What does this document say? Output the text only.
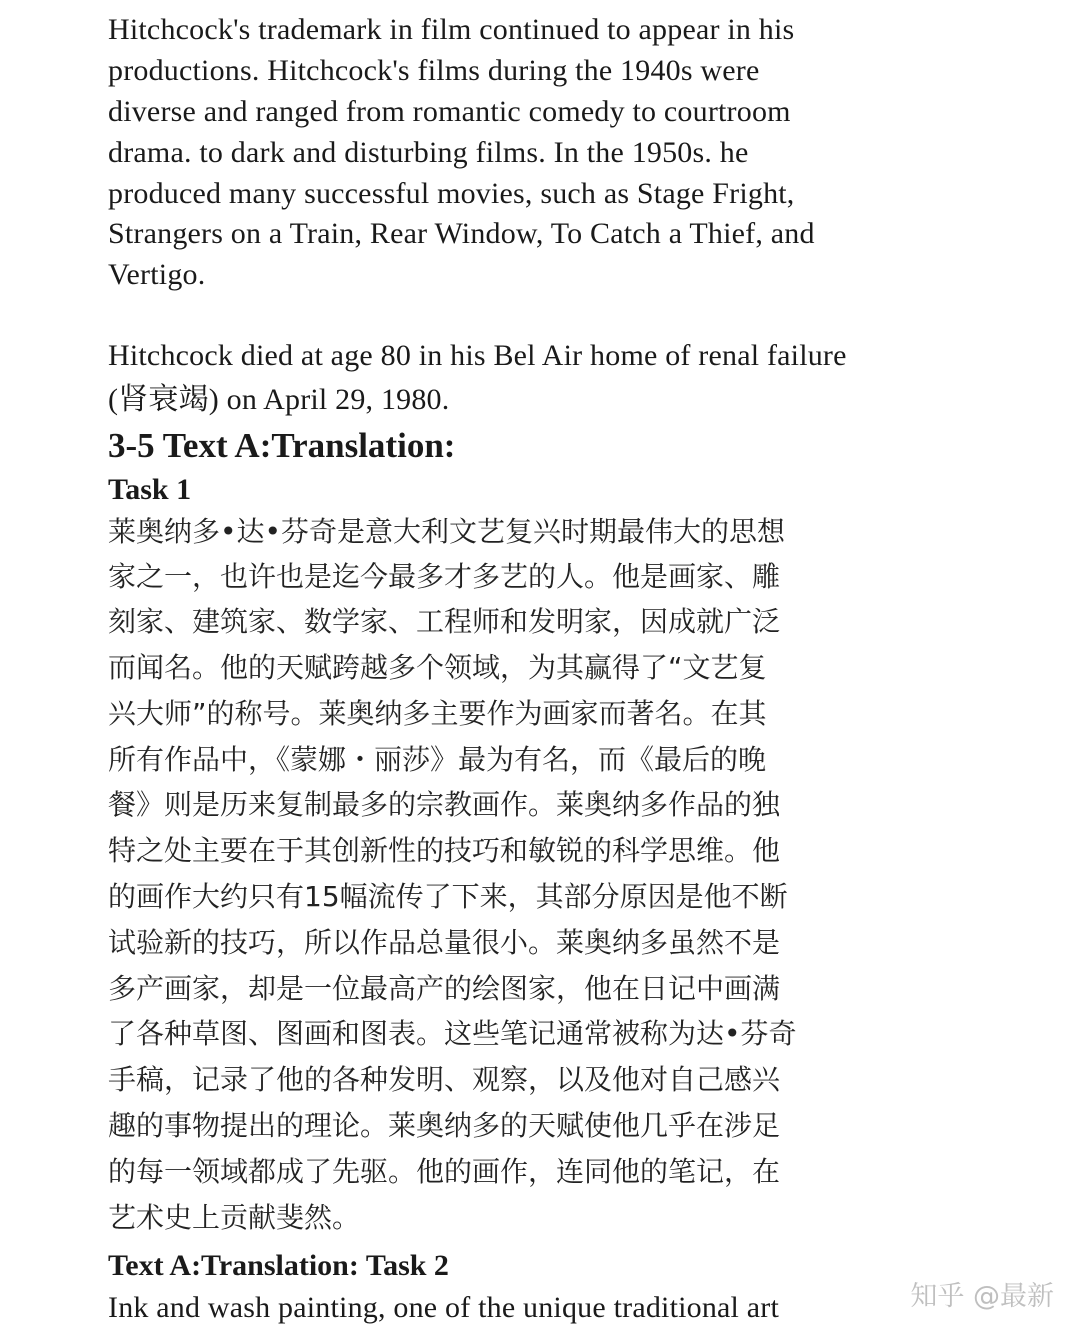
Hitchcock's trademark in film continued to appear in his
productions. Hitchcock's films during the 1940s were
diverse and ranged from romantic comedy to courtroom
drama. to dark and disturbing films. In the 1950s. he
produced many successful movies, such as Stage Fright,
Strangers on a Train, Rear Window, To Catch a Thief, and
Vertigo.
Hitchcock died at age 80 in his Bel Air home of renal failure
(肾衰竭) on April 29, 1980.
3-5 Text A:Translation:
Task 1
莱奥纳多•达•芬奇是意大利文艺复兴时期最伟大的思想
家之一，也许也是迄今最多才多艺的人。他是画家、雕
刻家、建筑家、数学家、工程师和发明家，因成就广泛
而闻名。他的天赋跨越多个领域，为其赢得了“文艺复
兴大师”的称号。莱奥纳多主要作为画家而著名。在其
所有作品中，《蒙娜・丽莎》最为有名，而《最后的晚
餐》则是历来复制最多的宗教画作。莱奥纳多作品的独
特之处主要在于其创新性的技巧和敏锐的科学思维。他
的画作大约只有15幅流传了下来，其部分原因是他不断
试验新的技巧，所以作品总量很小。莱奥纳多虽然不是
多产画家，却是一位最高产的绘图家，他在日记中画满
了各种草图、图画和图表。这些笔记通常被称为达•芬奇
手稿，记录了他的各种发明、观察，以及他对自己感兴
趣的事物提出的理论。莱奥纳多的天赋使他几乎在涉足
的每一领域都成了先驱。他的画作，连同他的笔记，在
艺术史上贡献斐然。
Text A:Translation: Task 2
Ink and wash painting, one of the unique traditional art	知乎 @最新
